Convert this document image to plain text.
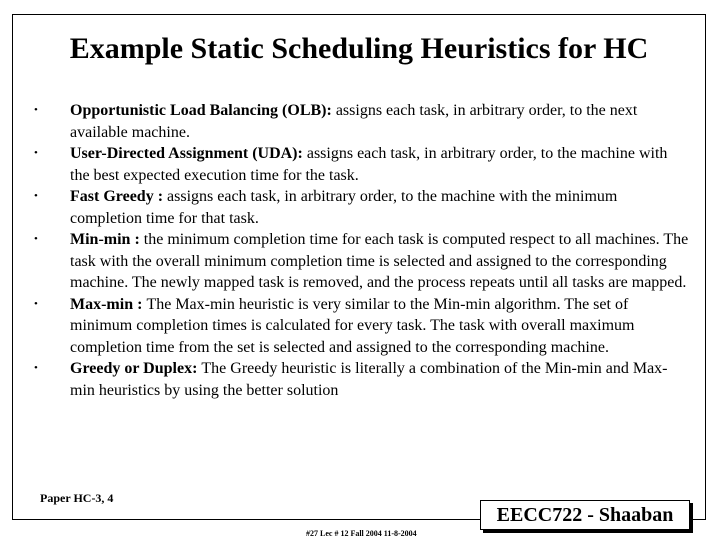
Example Static Scheduling Heuristics for HC
• Opportunistic Load Balancing (OLB): assigns each task, in arbitrary order, to the next available machine.
• User-Directed Assignment (UDA): assigns each task, in arbitrary order, to the machine with the best expected execution time for the task.
• Fast Greedy : assigns each task, in arbitrary order, to the machine with the minimum completion time for that task.
• Min-min : the minimum completion time for each task is computed respect to all machines. The task with the overall minimum completion time is selected and assigned to the corresponding machine. The newly mapped task is removed, and the process repeats until all tasks are mapped.
• Max-min : The Max-min heuristic is very similar to the Min-min algorithm. The set of minimum completion times is calculated for every task. The task with overall maximum completion time from the set is selected and assigned to the corresponding machine.
• Greedy or Duplex: The Greedy heuristic is literally a combination of the Min-min and Max-min heuristics by using the better solution
Paper HC-3, 4
EECC722 - Shaaban
#27 Lec # 12 Fall 2004 11-8-2004
